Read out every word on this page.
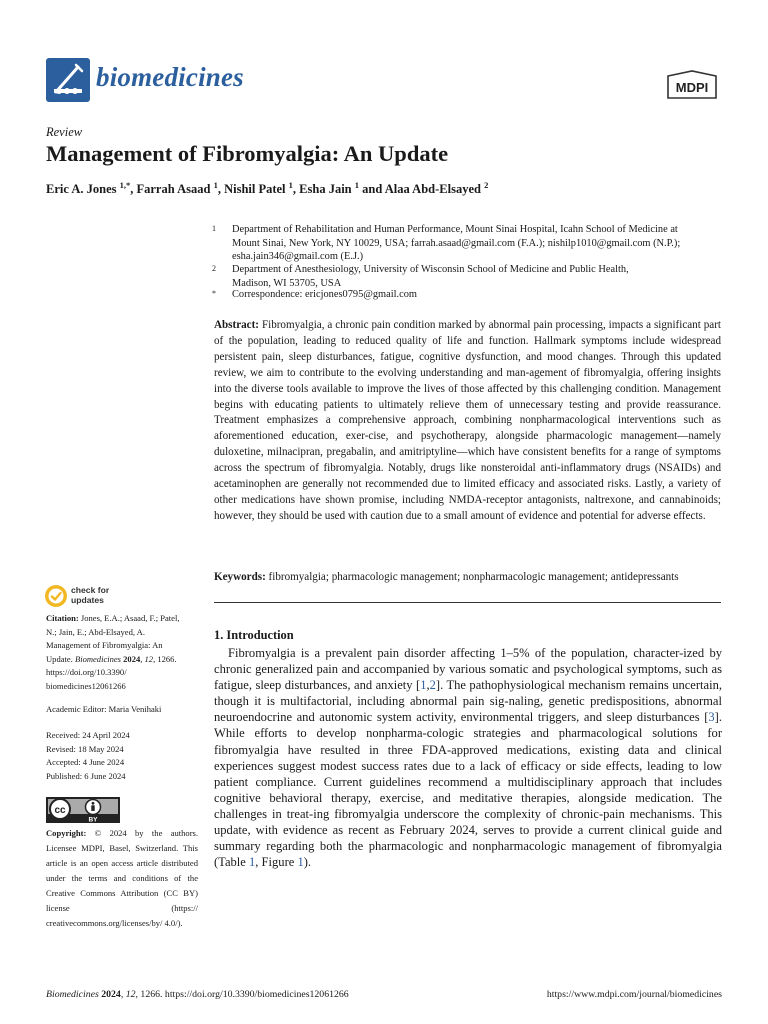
biomedicines	MDPI
Review
Management of Fibromyalgia: An Update
Eric A. Jones $^{1,*}$, Farrah Asaad $^1$, Nishil Patel $^1$, Esha Jain $^1$ and Alaa Abd-Elsayed $^2$
1	Department of Rehabilitation and Human Performance, Mount Sinai Hospital, Icahn School of Medicine at
Mount Sinai, New York, NY 10029, USA; farrah.asaad@gmail.com (F.A.); nishilp1010@gmail.com (N.P.);
esha.jain346@gmail.com (E.J.)
2	Department of Anesthesiology, University of Wisconsin School of Medicine and Public Health,
Madison, WI 53705, USA
*	Correspondence: ericjones0795@gmail.com
Abstract: Fibromyalgia, a chronic pain condition marked by abnormal pain processing, impacts a significant part of the population, leading to reduced quality of life and function. Hallmark symptoms include widespread persistent pain, sleep disturbances, fatigue, cognitive dysfunction, and mood changes. Through this updated review, we aim to contribute to the evolving understanding and man-agement of fibromyalgia, offering insights into the diverse tools available to improve the lives of those affected by this challenging condition. Management begins with educating patients to ultimately relieve them of unnecessary testing and provide reassurance. Treatment emphasizes a comprehensive approach, combining nonpharmacological interventions such as aforementioned education, exer-cise, and psychotherapy, alongside pharmacologic management—namely duloxetine, milnacipran, pregabalin, and amitriptyline—which have consistent benefits for a range of symptoms across the spectrum of fibromyalgia. Notably, drugs like nonsteroidal anti-inflammatory drugs (NSAIDs) and acetaminophen are generally not recommended due to limited efficacy and associated risks. Lastly, a variety of other medications have shown promise, including NMDA-receptor antagonists, naltrexone, and cannabinoids; however, they should be used with caution due to a small amount of evidence and potential for adverse effects.
Keywords: fibromyalgia; pharmacologic management; nonpharmacologic management; antidepressants
1. Introduction

Fibromyalgia is a prevalent pain disorder affecting 1–5% of the population, character-ized by chronic generalized pain and accompanied by various somatic and psychological symptoms, such as fatigue, sleep disturbances, and anxiety [1,2]. The pathophysiological mechanism remains uncertain, though it is multifactorial, including abnormal pain sig-naling, genetic predispositions, abnormal neuroendocrine and autonomic system activity, environmental triggers, and sleep disturbances [3]. While efforts to develop nonpharma-cologic strategies and pharmacological solutions for fibromyalgia have resulted in three FDA-approved medications, existing data and clinical experiences suggest modest success rates due to a lack of efficacy or side effects, leading to low patient compliance. Current guidelines recommend a multidisciplinary approach that includes cognitive behavioral therapy, exercise, and meditative therapies, alongside medication. The challenges in treat-ing fibromyalgia underscore the complexity of chronic-pain mechanisms. This update, with evidence as recent as February 2024, serves to provide a current clinical guide and summary regarding both the pharmacologic and nonpharmacologic management of fibromyalgia (Table 1, Figure 1).

check for
updates
Citation: Jones, E.A.; Asaad, F.; Patel,
N.; Jain, E.; Abd-Elsayed, A.
Management of Fibromyalgia: An
Update. Biomedicines 2024, 12, 1266.
https://doi.org/10.3390/
biomedicines12061266
Academic Editor: Maria Venihaki
Received: 24 April 2024
Revised: 18 May 2024
Accepted: 4 June 2024
Published: 6 June 2024
cc
BY
Copyright: © 2024 by the authors. Licensee MDPI, Basel, Switzerland. This article is an open access article distributed under the terms and conditions of the Creative Commons Attribution (CC BY) license (https:// creativecommons.org/licenses/by/ 4.0/).
Biomedicines 2024, 12, 1266. https://doi.org/10.3390/biomedicines12061266	https://www.mdpi.com/journal/biomedicines
